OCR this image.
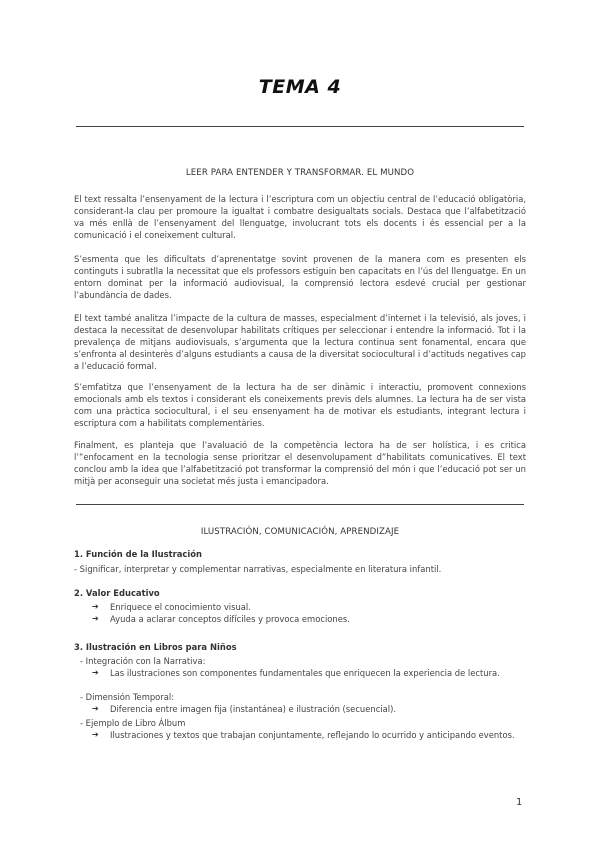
TEMA 4
LEER PARA ENTENDER Y TRANSFORMAR. EL MUNDO

El text ressalta l’ensenyament de la lectura i l’escriptura com un objectiu central de l’educació obligatòria, considerant-la clau per promoure la igualtat i combatre desigualtats socials. Destaca que l’alfabetització va més enllà de l’ensenyament del llenguatge, involucrant tots els docents i és essencial per a la comunicació i el coneixement cultural.

S’esmenta que les dificultats d’aprenentatge sovint provenen de la manera com es presenten els continguts i subratlla la necessitat que els professors estiguin ben capacitats en l’ús del llenguatge. En un entorn dominat per la informació audiovisual, la comprensió lectora esdevé crucial per gestionar l’abundància de dades.

El text també analitza l’impacte de la cultura de masses, especialment d’internet i la televisió, als joves, i destaca la necessitat de desenvolupar habilitats crítiques per seleccionar i entendre la informació. Tot i la prevalença de mitjans audiovisuals, s’argumenta que la lectura continua sent fonamental, encara que s’enfronta al desinterès d’alguns estudiants a causa de la diversitat sociocultural i d’actituds negatives cap a l’educació formal.

S’emfatitza que l’ensenyament de la lectura ha de ser dinàmic i interactiu, promovent connexions emocionals amb els textos i considerant els coneixements previs dels alumnes. La lectura ha de ser vista com una pràctica sociocultural, i el seu ensenyament ha de motivar els estudiants, integrant lectura i escriptura com a habilitats complementàries.

Finalment, es planteja que l’avaluació de la competència lectora ha de ser holística, i es critica l’”enfocament en la tecnologia sense prioritzar el desenvolupament d”habilitats comunicatives. El text conclou amb la idea que l’alfabetització pot transformar la comprensió del món i que l’educació pot ser un mitjà per aconseguir una societat més justa i emancipadora.

ILUSTRACIÓN, COMUNICACIÓN, APRENDIZAJE
1. Función de la Ilustración
- Significar, interpretar y complementar narrativas, especialmente en literatura infantil.
2. Valor Educativo
➔ Enriquece el conocimiento visual.
➔ Ayuda a aclarar conceptos difíciles y provoca emociones.
3. Ilustración en Libros para Niños
- Integración con la Narrativa:
➔ Las ilustraciones son componentes fundamentales que enriquecen la experiencia de lectura.
- Dimensión Temporal:
➔ Diferencia entre imagen fija (instantánea) e ilustración (secuencial).
- Ejemplo de Libro Álbum
➔ Ilustraciones y textos que trabajan conjuntamente, reflejando lo ocurrido y anticipando eventos.
1
